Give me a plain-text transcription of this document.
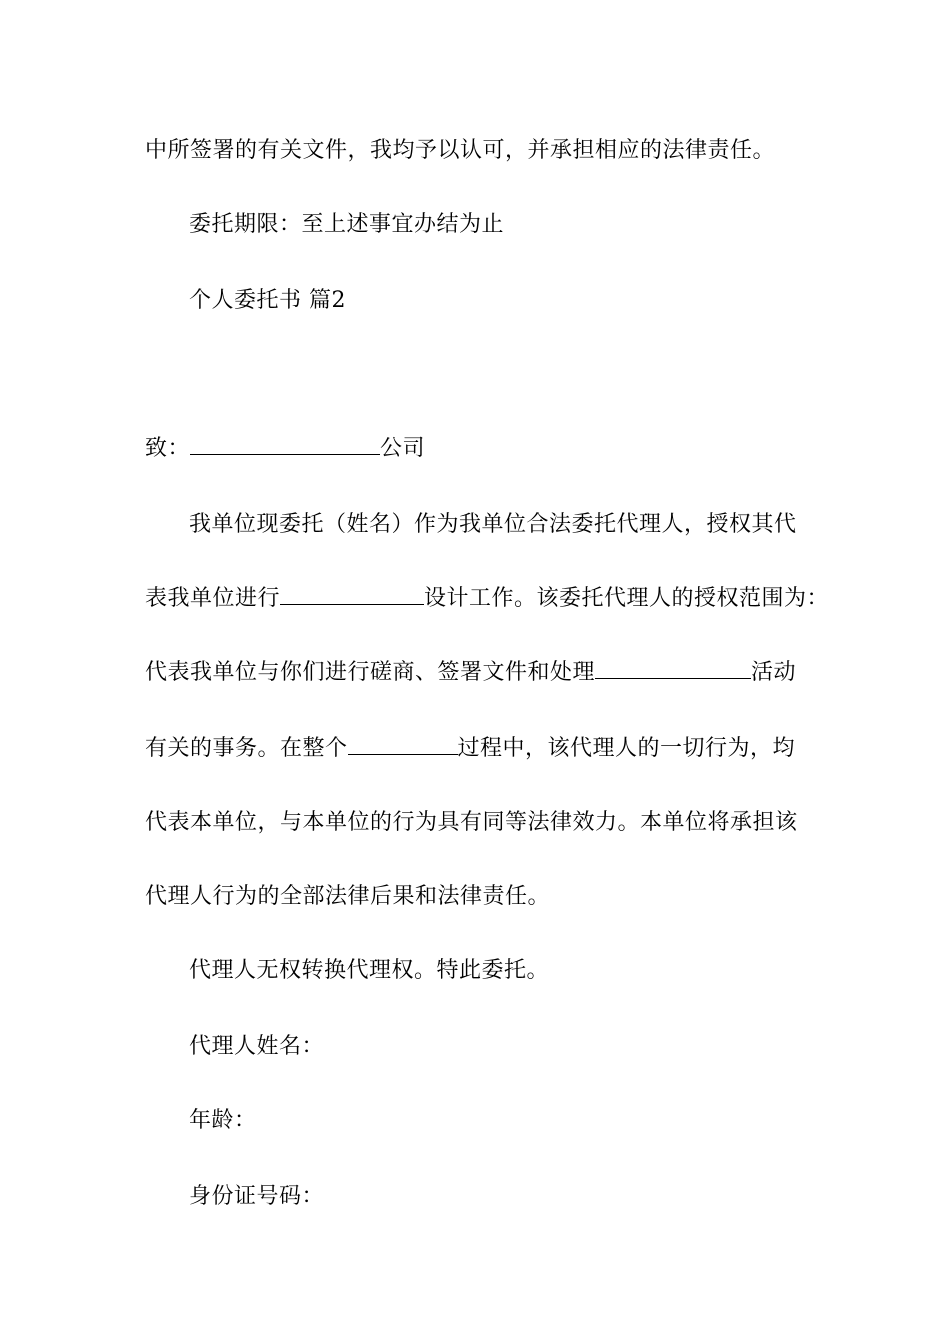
中所签署的有关文件，我均予以认可，并承担相应的法律责任。
委托期限：至上述事宜办结为止
个人委托书 篇2
致：	公司
我单位现委托（姓名）作为我单位合法委托代理人，授权其代
表我单位进行	设计工作。该委托代理人的授权范围为：
代表我单位与你们进行磋商、签署文件和处理	活动
有关的事务。在整个	过程中，该代理人的一切行为，均
代表本单位，与本单位的行为具有同等法律效力。本单位将承担该
代理人行为的全部法律后果和法律责任。
代理人无权转换代理权。特此委托。
代理人姓名：
年龄：
身份证号码：
